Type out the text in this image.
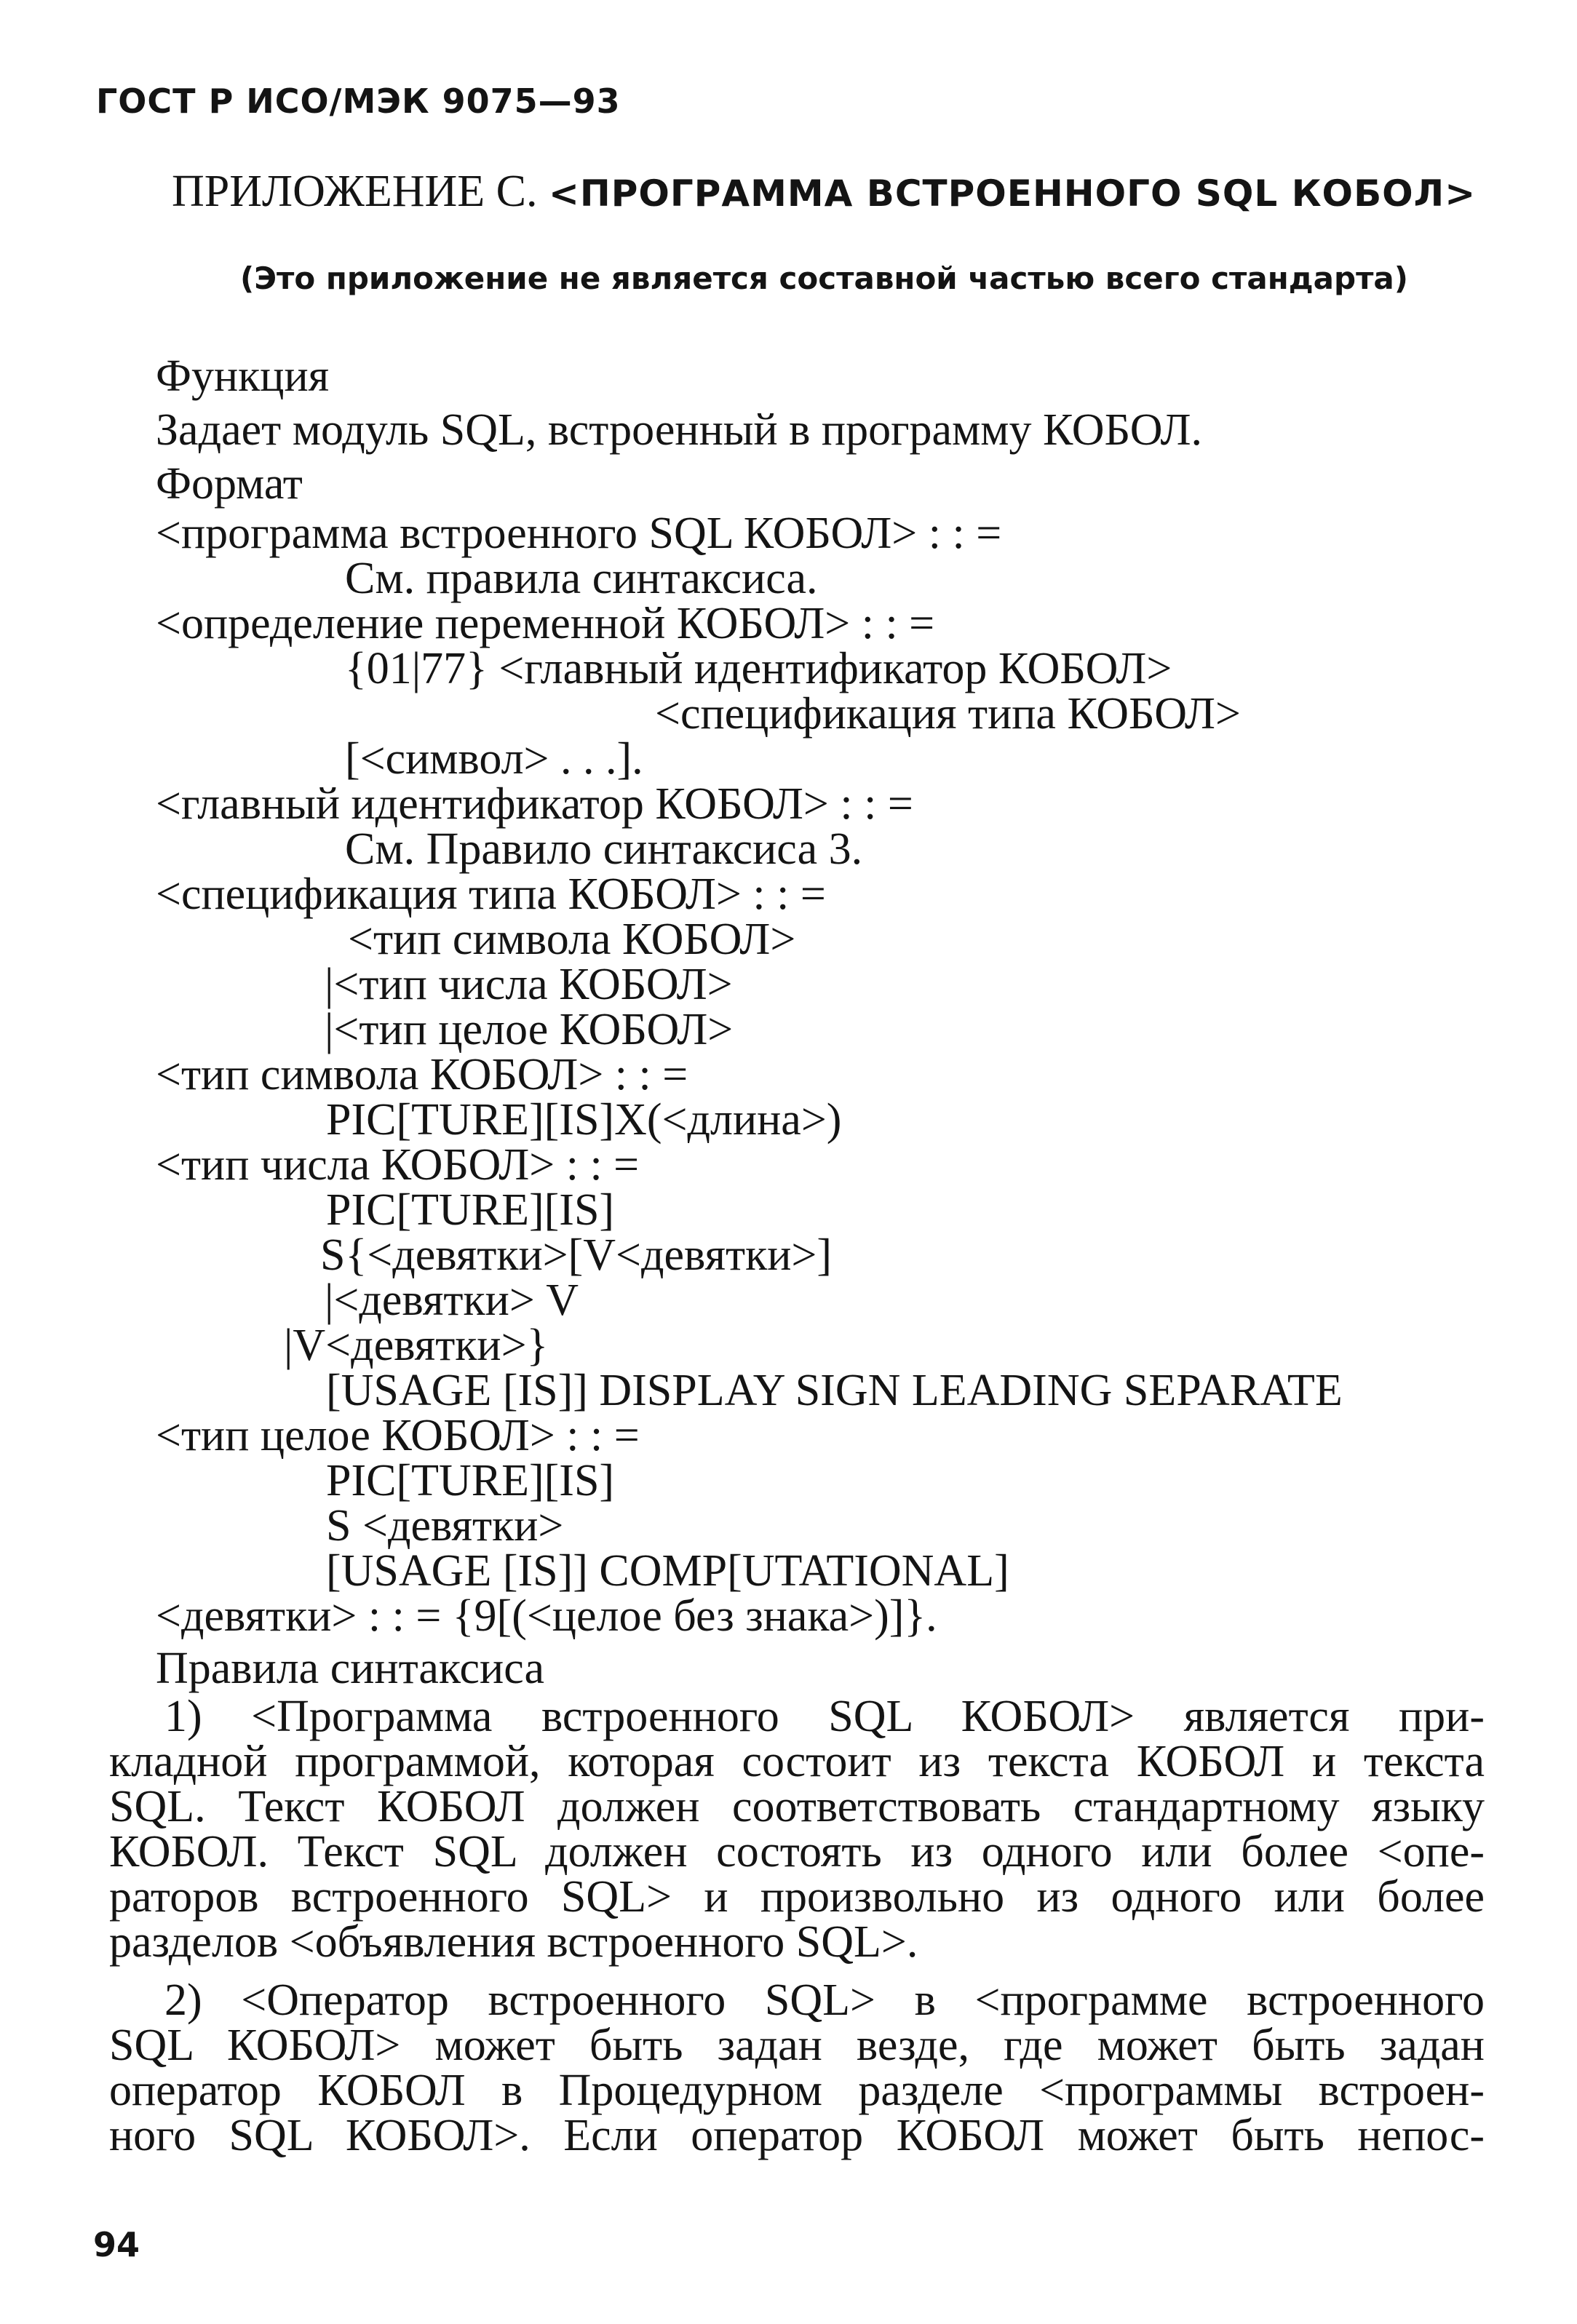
ГОСТ Р ИСО/МЭК 9075—93
ПРИЛОЖЕНИЕ С. <ПРОГРАММА ВСТРОЕННОГО SQL КОБОЛ>
(Это приложение не является составной частью всего стандарта)
Функция
Задает модуль SQL, встроенный в программу КОБОЛ.
Формат
<программа встроенного SQL КОБОЛ> : : =
См. правила синтаксиса.
<определение переменной КОБОЛ> : : =
{01|77} <главный идентификатор КОБОЛ>
<спецификация типа КОБОЛ>
[<символ> . . .].
<главный идентификатор КОБОЛ> : : =
См. Правило синтаксиса 3.
<спецификация типа КОБОЛ> : : =
<тип символа КОБОЛ>
|<тип числа КОБОЛ>
|<тип целое КОБОЛ>
<тип символа КОБОЛ> : : =
PIC[TURE][IS]X(<длина>)
<тип числа КОБОЛ> : : =
PIC[TURE][IS]
S{<девятки>[V<девятки>]
|<девятки> V
|V<девятки>}
[USAGE [IS]] DISPLAY SIGN LEADING SEPARATE
<тип целое КОБОЛ> : : =
PIC[TURE][IS]
S <девятки>
[USAGE [IS]] COMP[UTATIONAL]
<девятки> : : = {9[(<целое без знака>)]}.
Правила синтаксиса
1) <Программа встроенного SQL КОБОЛ> является при-
кладной программой, которая состоит из текста КОБОЛ и текста
SQL. Текст КОБОЛ должен соответствовать стандартному языку
КОБОЛ. Текст SQL должен состоять из одного или более <опе-
раторов встроенного SQL> и произвольно из одного или более
разделов <объявления встроенного SQL>.
2) <Оператор встроенного SQL> в <программе встроенного
SQL КОБОЛ> может быть задан везде, где может быть задан
оператор КОБОЛ в Процедурном разделе <программы встроен-
ного SQL КОБОЛ>. Если оператор КОБОЛ может быть непос-
94
